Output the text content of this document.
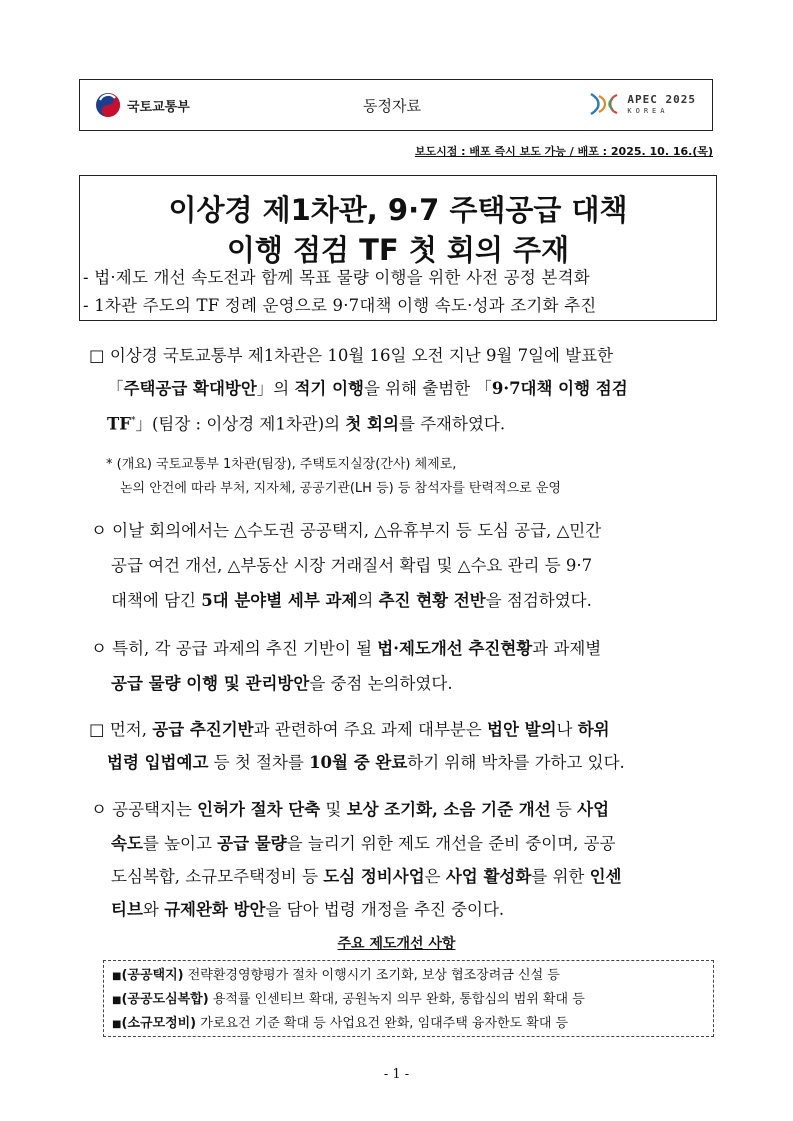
국토교통부	동정자료	APEC 2025
KOREA
보도시점 : 배포 즉시 보도 가능 / 배포 : 2025. 10. 16.(목)
이상경 제1차관, 9·7 주택공급 대책
이행 점검 TF 첫 회의 주재
- 법·제도 개선 속도전과 함께 목표 물량 이행을 위한 사전 공정 본격화
- 1차관 주도의 TF 정례 운영으로 9·7대책 이행 속도·성과 조기화 추진
□ 이상경 국토교통부 제1차관은 10월 16일 오전 지난 9월 7일에 발표한
「주택공급 확대방안」의 적기 이행을 위해 출범한 「9·7대책 이행 점검
TF*」(팀장 : 이상경 제1차관)의 첫 회의를 주재하였다.
* (개요) 국토교통부 1차관(팀장), 주택토지실장(간사) 체제로,
논의 안건에 따라 부처, 지자체, 공공기관(LH 등) 등 참석자를 탄력적으로 운영
ㅇ 이날 회의에서는 △수도권 공공택지, △유휴부지 등 도심 공급, △민간
공급 여건 개선, △부동산 시장 거래질서 확립 및 △수요 관리 등 9·7
대책에 담긴 5대 분야별 세부 과제의 추진 현황 전반을 점검하였다.
ㅇ 특히, 각 공급 과제의 추진 기반이 될 법·제도개선 추진현황과 과제별
공급 물량 이행 및 관리방안을 중점 논의하였다.
□ 먼저, 공급 추진기반과 관련하여 주요 과제 대부분은 법안 발의나 하위
법령 입법예고 등 첫 절차를 10월 중 완료하기 위해 박차를 가하고 있다.
ㅇ 공공택지는 인허가 절차 단축 및 보상 조기화, 소음 기준 개선 등 사업
속도를 높이고 공급 물량을 늘리기 위한 제도 개선을 준비 중이며, 공공
도심복합, 소규모주택정비 등 도심 정비사업은 사업 활성화를 위한 인센
티브와 규제완화 방안을 담아 법령 개정을 추진 중이다.
주요 제도개선 사항
■(공공택지) 전략환경영향평가 절차 이행시기 조기화, 보상 협조장려금 신설 등
■(공공도심복합) 용적률 인센티브 확대, 공원녹지 의무 완화, 통합심의 범위 확대 등
■(소규모정비) 가로요건 기준 확대 등 사업요건 완화, 임대주택 융자한도 확대 등
- 1 -
